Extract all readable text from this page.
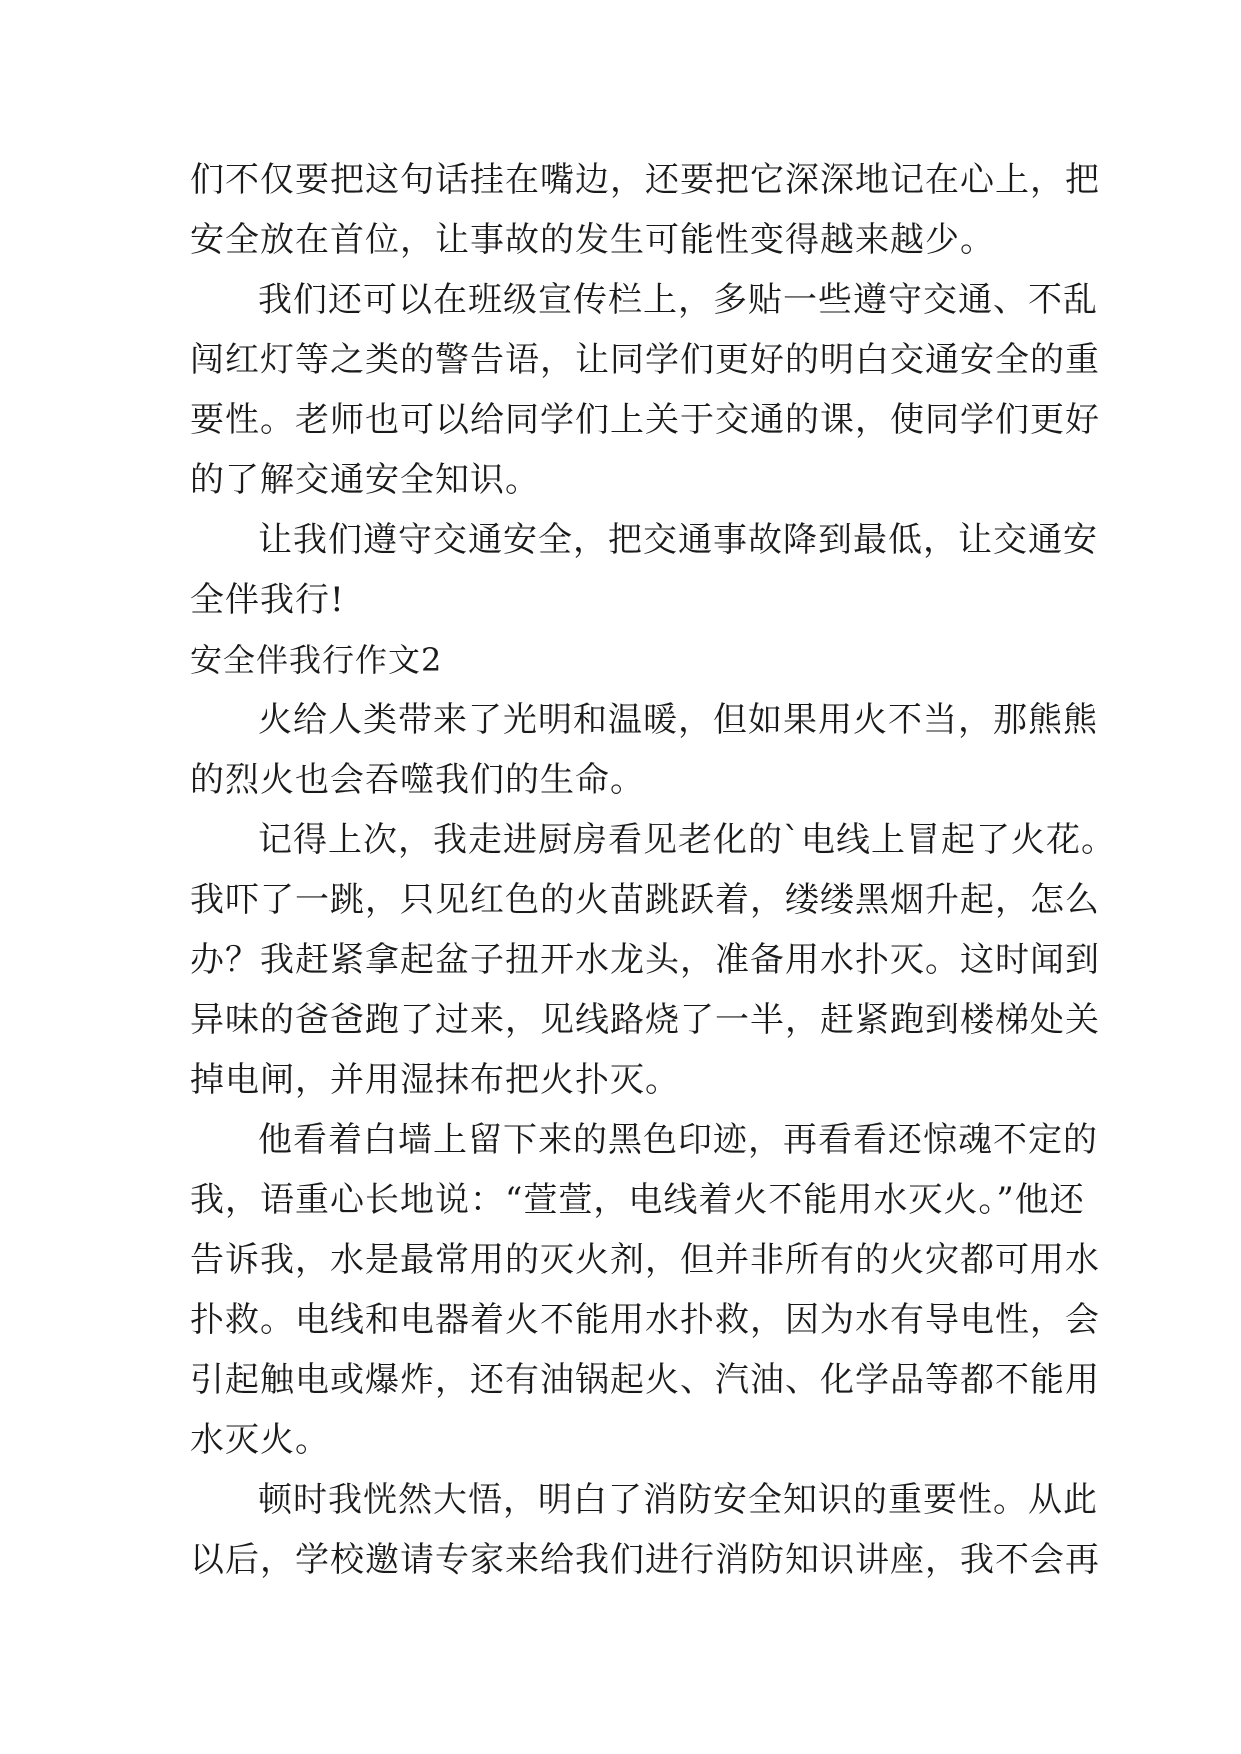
们不仅要把这句话挂在嘴边，还要把它深深地记在心上，把
安全放在首位，让事故的发生可能性变得越来越少。
我们还可以在班级宣传栏上，多贴一些遵守交通、不乱
闯红灯等之类的警告语，让同学们更好的明白交通安全的重
要性。老师也可以给同学们上关于交通的课，使同学们更好
的了解交通安全知识。
让我们遵守交通安全，把交通事故降到最低，让交通安
全伴我行!
安全伴我行作文2
火给人类带来了光明和温暖，但如果用火不当，那熊熊
的烈火也会吞噬我们的生命。
记得上次，我走进厨房看见老化的`电线上冒起了火花。
我吓了一跳，只见红色的火苗跳跃着，缕缕黑烟升起，怎么
办？我赶紧拿起盆子扭开水龙头，准备用水扑灭。这时闻到
异味的爸爸跑了过来，见线路烧了一半，赶紧跑到楼梯处关
掉电闸，并用湿抹布把火扑灭。
他看着白墙上留下来的黑色印迹，再看看还惊魂不定的
我，语重心长地说：“萱萱，电线着火不能用水灭火。”他还
告诉我，水是最常用的灭火剂，但并非所有的火灾都可用水
扑救。电线和电器着火不能用水扑救，因为水有导电性，会
引起触电或爆炸，还有油锅起火、汽油、化学品等都不能用
水灭火。
顿时我恍然大悟，明白了消防安全知识的重要性。从此
以后，学校邀请专家来给我们进行消防知识讲座，我不会再
